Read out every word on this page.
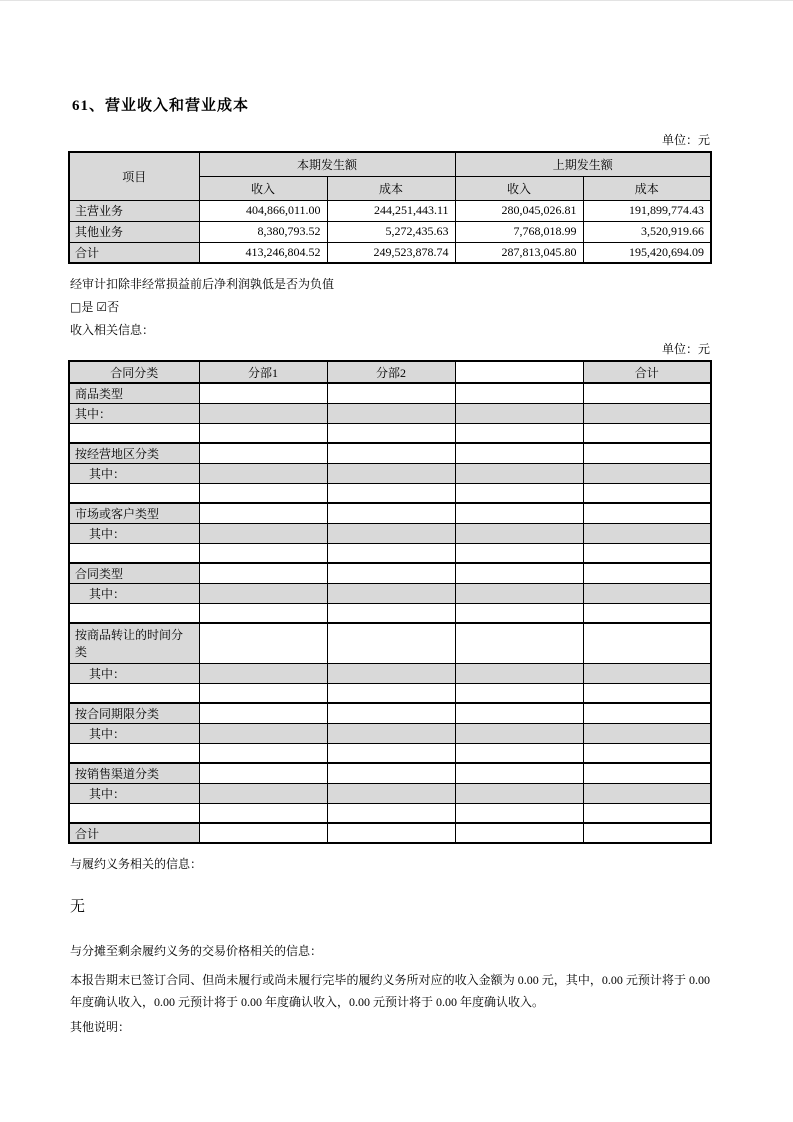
61、营业收入和营业成本
单位：元
项目	本期发生额		上期发生额	
	收入	成本	收入	成本
主营业务	404,866,011.00	244,251,443.11	280,045,026.81	191,899,774.43
其他业务	8,380,793.52	5,272,435.63	7,768,018.99	3,520,919.66
合计	413,246,804.52	249,523,878.74	287,813,045.80	195,420,694.09
经审计扣除非经常损益前后净利润孰低是否为负值
□是 ☑否
收入相关信息：
单位：元
合同分类	分部1	分部2		合计
商品类型				
其中：				

按经营地区分类				
其中：				

市场或客户类型				
其中：				

合同类型				
其中：				

按商品转让的时间分类				
其中：				

按合同期限分类				
其中：				

按销售渠道分类				
其中：				

合计				
与履约义务相关的信息：
无
与分摊至剩余履约义务的交易价格相关的信息：
本报告期末已签订合同、但尚未履行或尚未履行完毕的履约义务所对应的收入金额为 0.00 元，其中，0.00 元预计将于 0.00 年度确认收入，0.00 元预计将于 0.00 年度确认收入，0.00 元预计将于 0.00 年度确认收入。
其他说明：
